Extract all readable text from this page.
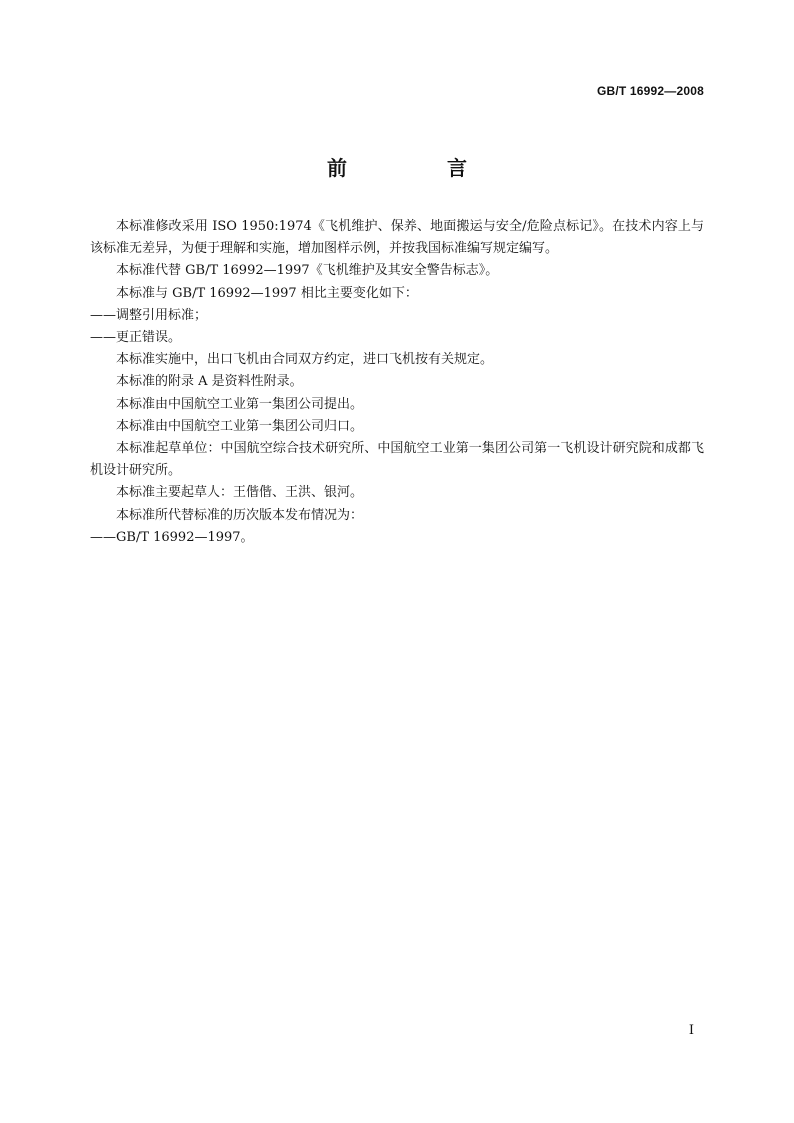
GB/T 16992—2008
前　言

本标准修改采用 ISO 1950:1974《飞机维护、保养、地面搬运与安全/危险点标记》。在技术内容上与该标准无差异，为便于理解和实施，增加图样示例，并按我国标准编写规定编写。

本标准代替 GB/T 16992—1997《飞机维护及其安全警告标志》。

本标准与 GB/T 16992—1997 相比主要变化如下：

——调整引用标准；

——更正错误。

本标准实施中，出口飞机由合同双方约定，进口飞机按有关规定。

本标准的附录 A 是资料性附录。

本标准由中国航空工业第一集团公司提出。

本标准由中国航空工业第一集团公司归口。

本标准起草单位：中国航空综合技术研究所、中国航空工业第一集团公司第一飞机设计研究院和成都飞机设计研究所。

本标准主要起草人：王偕偕、王洪、银河。

本标准所代替标准的历次版本发布情况为：

——GB/T 16992—1997。

I
